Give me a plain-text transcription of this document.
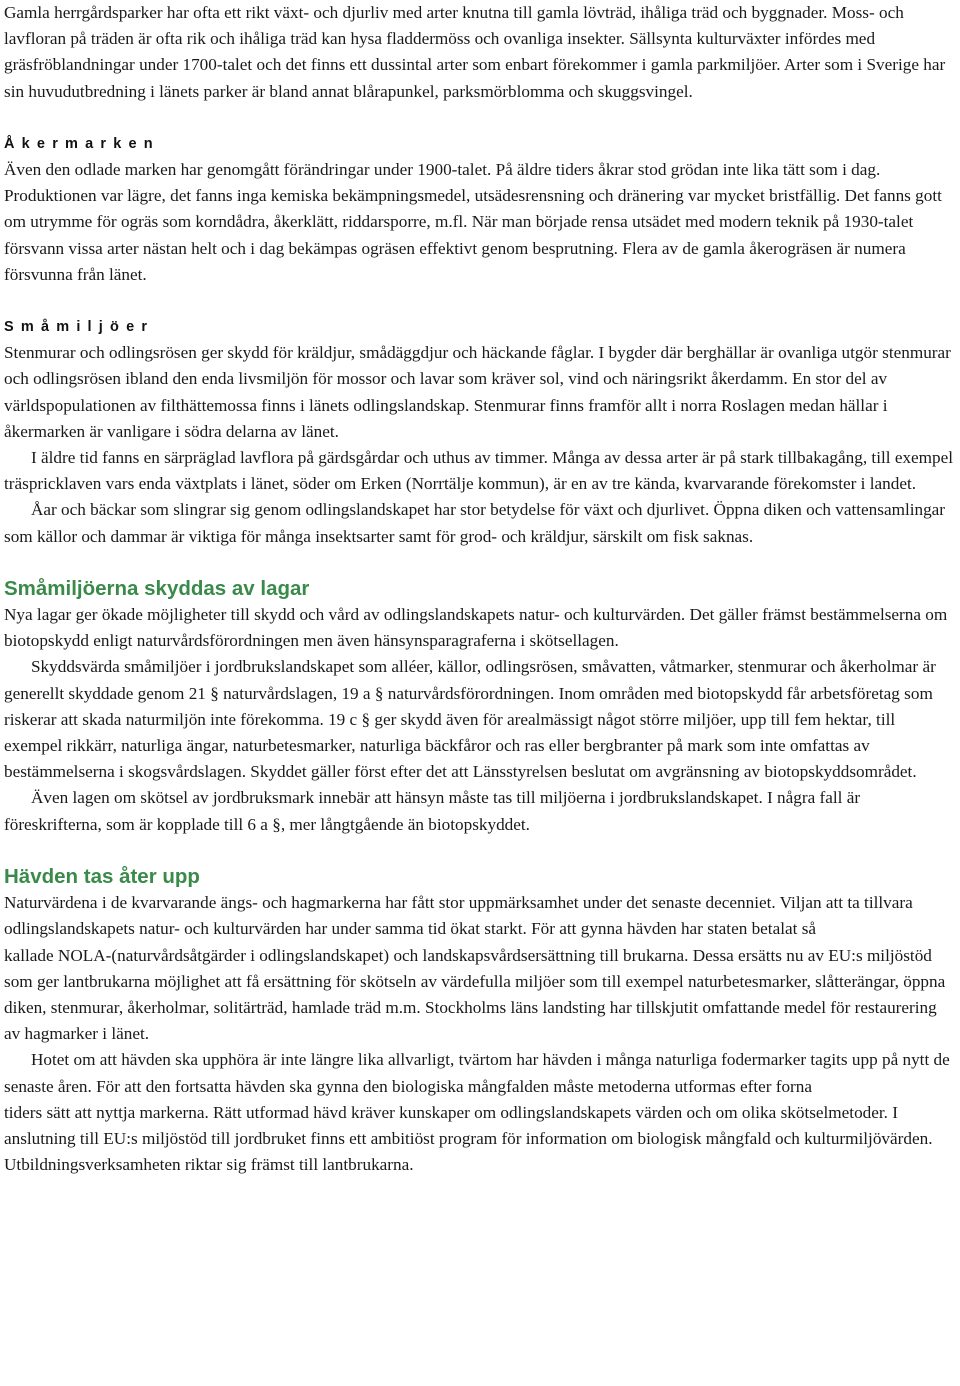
Gamla herrgårdsparker har ofta ett rikt växt- och djurliv med arter knutna till gamla lövträd, ihåliga träd och byggnader. Moss- och lavfloran på träden är ofta rik och ihåliga träd kan hysa fladdermöss och ovanliga insekter. Sällsynta kulturväxter infördes med gräsfröblandningar under 1700-talet och det finns ett dussintal arter som enbart förekommer i gamla parkmiljöer. Arter som i Sverige har sin huvudutbredning i länets parker är bland annat blårapunkel, parksmörblomma och skuggsvingel.

Åkermarken

Även den odlade marken har genomgått förändringar under 1900-talet. På äldre tiders åkrar stod grödan inte lika tätt som i dag. Produktionen var lägre, det fanns inga kemiska bekämpningsmedel, utsädesrensning och dränering var mycket bristfällig. Det fanns gott om utrymme för ogräs som korndådra, åkerklätt, riddarsporre, m.fl. När man började rensa utsädet med modern teknik på 1930-talet försvann vissa arter nästan helt och i dag bekämpas ogräsen effektivt genom besprutning. Flera av de gamla åkerogräsen är numera försvunna från länet.

Småmiljöer

Stenmurar och odlingsrösen ger skydd för kräldjur, smådäggdjur och häckande fåglar. I bygder där berghällar är ovanliga utgör stenmurar och odlingsrösen ibland den enda livsmiljön för mossor och lavar som kräver sol, vind och näringsrikt åkerdamm. En stor del av världspopulationen av filthättemossa finns i länets odlingslandskap. Stenmurar finns framför allt i norra Roslagen medan hällar i åkermarken är vanligare i södra delarna av länet.

I äldre tid fanns en särpräglad lavflora på gärdsgårdar och uthus av timmer. Många av dessa arter är på stark tillbakagång, till exempel träspricklaven vars enda växtplats i länet, söder om Erken (Norrtälje kommun), är en av tre kända, kvarvarande förekomster i landet.

Åar och bäckar som slingrar sig genom odlingslandskapet har stor betydelse för växt och djurlivet. Öppna diken och vattensamlingar som källor och dammar är viktiga för många insektsarter samt för grod- och kräldjur, särskilt om fisk saknas.

Småmiljöerna skyddas av lagar

Nya lagar ger ökade möjligheter till skydd och vård av odlingslandskapets natur- och kulturvärden. Det gäller främst bestämmelserna om biotopskydd enligt naturvårdsförordningen men även hänsynsparagraferna i skötsellagen.

Skyddsvärda småmiljöer i jordbrukslandskapet som alléer, källor, odlingsrösen, småvatten, våtmarker, stenmurar och åkerholmar är generellt skyddade genom 21 § naturvårdslagen, 19 a § naturvårdsförordningen. Inom områden med biotopskydd får arbetsföretag som riskerar att skada naturmiljön inte förekomma. 19 c § ger skydd även för arealmässigt något större miljöer, upp till fem hektar, till exempel rikkärr, naturliga ängar, naturbetesmarker, naturliga bäckfåror och ras eller bergbranter på mark som inte omfattas av bestämmelserna i skogsvårdslagen. Skyddet gäller först efter det att Länsstyrelsen beslutat om avgränsning av biotopskyddsområdet.

Även lagen om skötsel av jordbruksmark innebär att hänsyn måste tas till miljöerna i jordbrukslandskapet. I några fall är föreskrifterna, som är kopplade till 6 a §, mer långtgående än biotopskyddet.

Hävden tas åter upp

Naturvärdena i de kvarvarande ängs- och hagmarkerna har fått stor uppmärksamhet under det senaste decenniet. Viljan att ta tillvara odlingslandskapets natur- och kulturvärden har under samma tid ökat starkt. För att gynna hävden har staten betalat så

kallade NOLA-(naturvårdsåtgärder i odlingslandskapet) och landskapsvårdsersättning till brukarna. Dessa ersätts nu av EU:s miljöstöd som ger lantbrukarna möjlighet att få ersättning för skötseln av värdefulla miljöer som till exempel naturbetesmarker, slåtterängar, öppna diken, stenmurar, åkerholmar, solitärträd, hamlade träd m.m. Stockholms läns landsting har tillskjutit omfattande medel för restaurering av hagmarker i länet.

Hotet om att hävden ska upphöra är inte längre lika allvarligt, tvärtom har hävden i många naturliga fodermarker tagits upp på nytt de senaste åren. För att den fortsatta hävden ska gynna den biologiska mångfalden måste metoderna utformas efter forna

tiders sätt att nyttja markerna. Rätt utformad hävd kräver kunskaper om odlingslandskapets värden och om olika skötselmetoder. I anslutning till EU:s miljöstöd till jordbruket finns ett ambitiöst program för information om biologisk mångfald och kulturmiljövärden. Utbildningsverksamheten riktar sig främst till lantbrukarna.
